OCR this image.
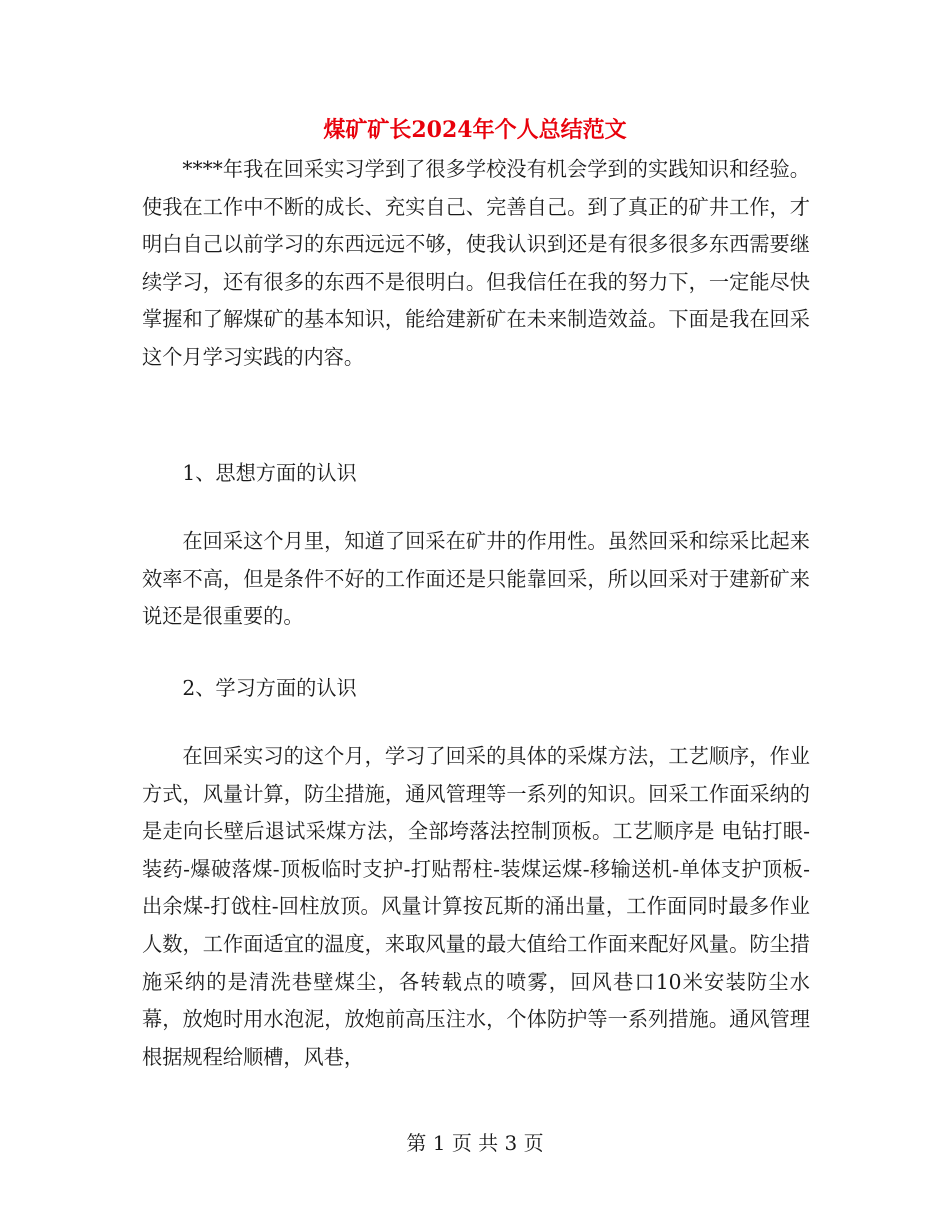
煤矿矿长2024年个人总结范文

****年我在回采实习学到了很多学校没有机会学到的实践知识和经验。使我在工作中不断的成长、充实自己、完善自己。到了真正的矿井工作，才明白自己以前学习的东西远远不够，使我认识到还是有很多很多东西需要继续学习，还有很多的东西不是很明白。但我信任在我的努力下，一定能尽快掌握和了解煤矿的基本知识，能给建新矿在未来制造效益。下面是我在回采这个月学习实践的内容。

1、思想方面的认识

在回采这个月里，知道了回采在矿井的作用性。虽然回采和综采比起来效率不高，但是条件不好的工作面还是只能靠回采，所以回采对于建新矿来说还是很重要的。

2、学习方面的认识

在回采实习的这个月，学习了回采的具体的采煤方法，工艺顺序，作业方式，风量计算，防尘措施，通风管理等一系列的知识。回采工作面采纳的是走向长壁后退试采煤方法，全部垮落法控制顶板。工艺顺序是 电钻打眼-装药-爆破落煤-顶板临时支护-打贴帮柱-装煤运煤-移输送机-单体支护顶板-出余煤-打戗柱-回柱放顶。风量计算按瓦斯的涌出量，工作面同时最多作业人数，工作面适宜的温度，来取风量的最大值给工作面来配好风量。防尘措施采纳的是清洗巷壁煤尘，各转载点的喷雾，回风巷口10米安装防尘水幕，放炮时用水泡泥，放炮前高压注水，个体防护等一系列措施。通风管理根据规程给顺槽，风巷，

第 1 页 共 3 页
